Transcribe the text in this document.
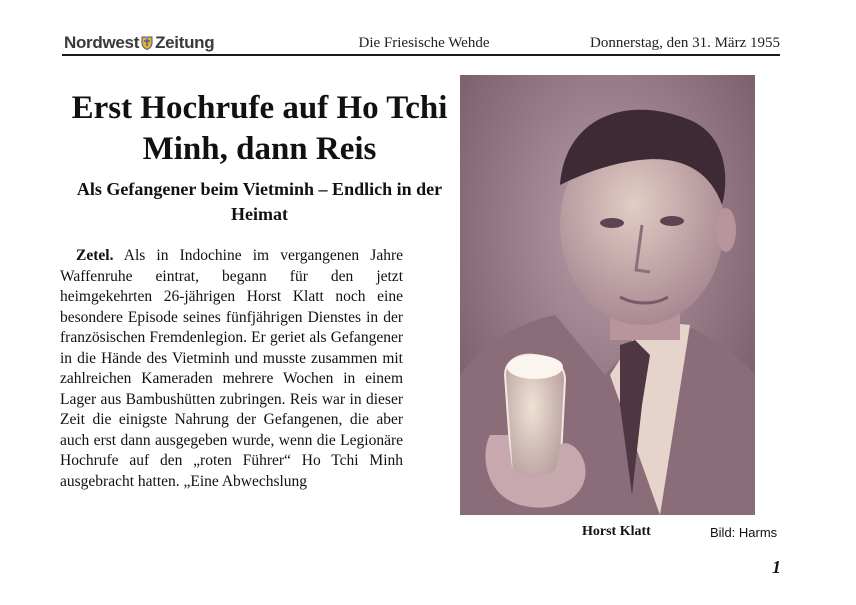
Nordwest Zeitung	Die Friesische Wehde	Donnerstag, den 31. März 1955
Erst Hochrufe auf Ho Tchi Minh, dann Reis
Als Gefangener beim Vietminh – Endlich in der Heimat

Zetel. Als in Indochine im vergangenen Jahre Waffenruhe eintrat, begann für den jetzt heimgekehrten 26-jährigen Horst Klatt noch eine besondere Episode seines fünfjährigen Dienstes in der französischen Fremdenlegion. Er geriet als Gefangener in die Hände des Vietminh und musste zusammen mit zahlreichen Kameraden mehrere Wochen in einem Lager aus Bambushütten zubringen. Reis war in dieser Zeit die einigste Nahrung der Gefangenen, die aber auch erst dann ausgegeben wurde, wenn die Legionäre Hochrufe auf den „roten Führer“ Ho Tchi Minh ausgebracht hatten. „Eine Abwechslung

Horst Klatt	Bild: Harms
1
